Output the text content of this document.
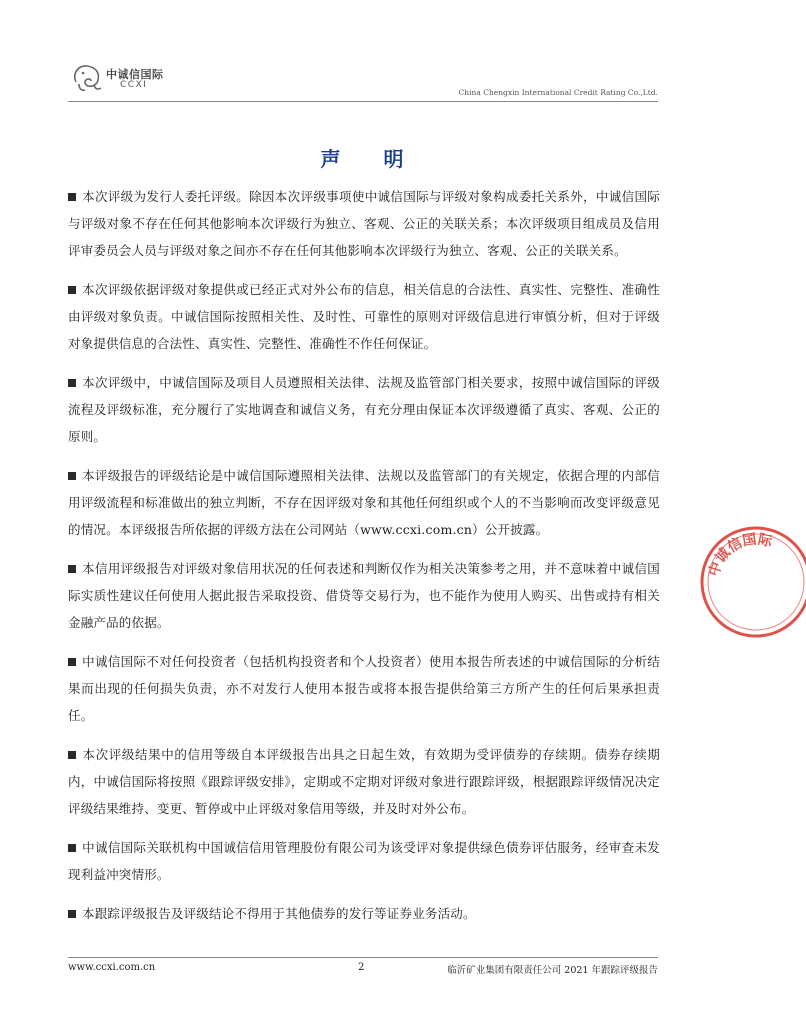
中诚信国际
CCXI
China Chengxin International Credit Rating Co.,Ltd.
声 明

本次评级为发行人委托评级。除因本次评级事项使中诚信国际与评级对象构成委托关系外，中诚信国际与评级对象不存在任何其他影响本次评级行为独立、客观、公正的关联关系；本次评级项目组成员及信用评审委员会人员与评级对象之间亦不存在任何其他影响本次评级行为独立、客观、公正的关联关系。

本次评级依据评级对象提供或已经正式对外公布的信息，相关信息的合法性、真实性、完整性、准确性由评级对象负责。中诚信国际按照相关性、及时性、可靠性的原则对评级信息进行审慎分析，但对于评级对象提供信息的合法性、真实性、完整性、准确性不作任何保证。

本次评级中，中诚信国际及项目人员遵照相关法律、法规及监管部门相关要求，按照中诚信国际的评级流程及评级标准，充分履行了实地调查和诚信义务，有充分理由保证本次评级遵循了真实、客观、公正的原则。

本评级报告的评级结论是中诚信国际遵照相关法律、法规以及监管部门的有关规定，依据合理的内部信用评级流程和标准做出的独立判断，不存在因评级对象和其他任何组织或个人的不当影响而改变评级意见的情况。本评级报告所依据的评级方法在公司网站（www.ccxi.com.cn）公开披露。

本信用评级报告对评级对象信用状况的任何表述和判断仅作为相关决策参考之用，并不意味着中诚信国际实质性建议任何使用人据此报告采取投资、借贷等交易行为，也不能作为使用人购买、出售或持有相关金融产品的依据。

中诚信国际不对任何投资者（包括机构投资者和个人投资者）使用本报告所表述的中诚信国际的分析结果而出现的任何损失负责，亦不对发行人使用本报告或将本报告提供给第三方所产生的任何后果承担责任。

本次评级结果中的信用等级自本评级报告出具之日起生效，有效期为受评债券的存续期。债券存续期内，中诚信国际将按照《跟踪评级安排》，定期或不定期对评级对象进行跟踪评级，根据跟踪评级情况决定评级结果维持、变更、暂停或中止评级对象信用等级，并及时对外公布。

中诚信国际关联机构中国诚信信用管理股份有限公司为该受评对象提供绿色债券评估服务，经审查未发现利益冲突情形。

本跟踪评级报告及评级结论不得用于其他债券的发行等证券业务活动。

中诚信国际
www.ccxi.com.cn	2	临沂矿业集团有限责任公司 2021 年跟踪评级报告
